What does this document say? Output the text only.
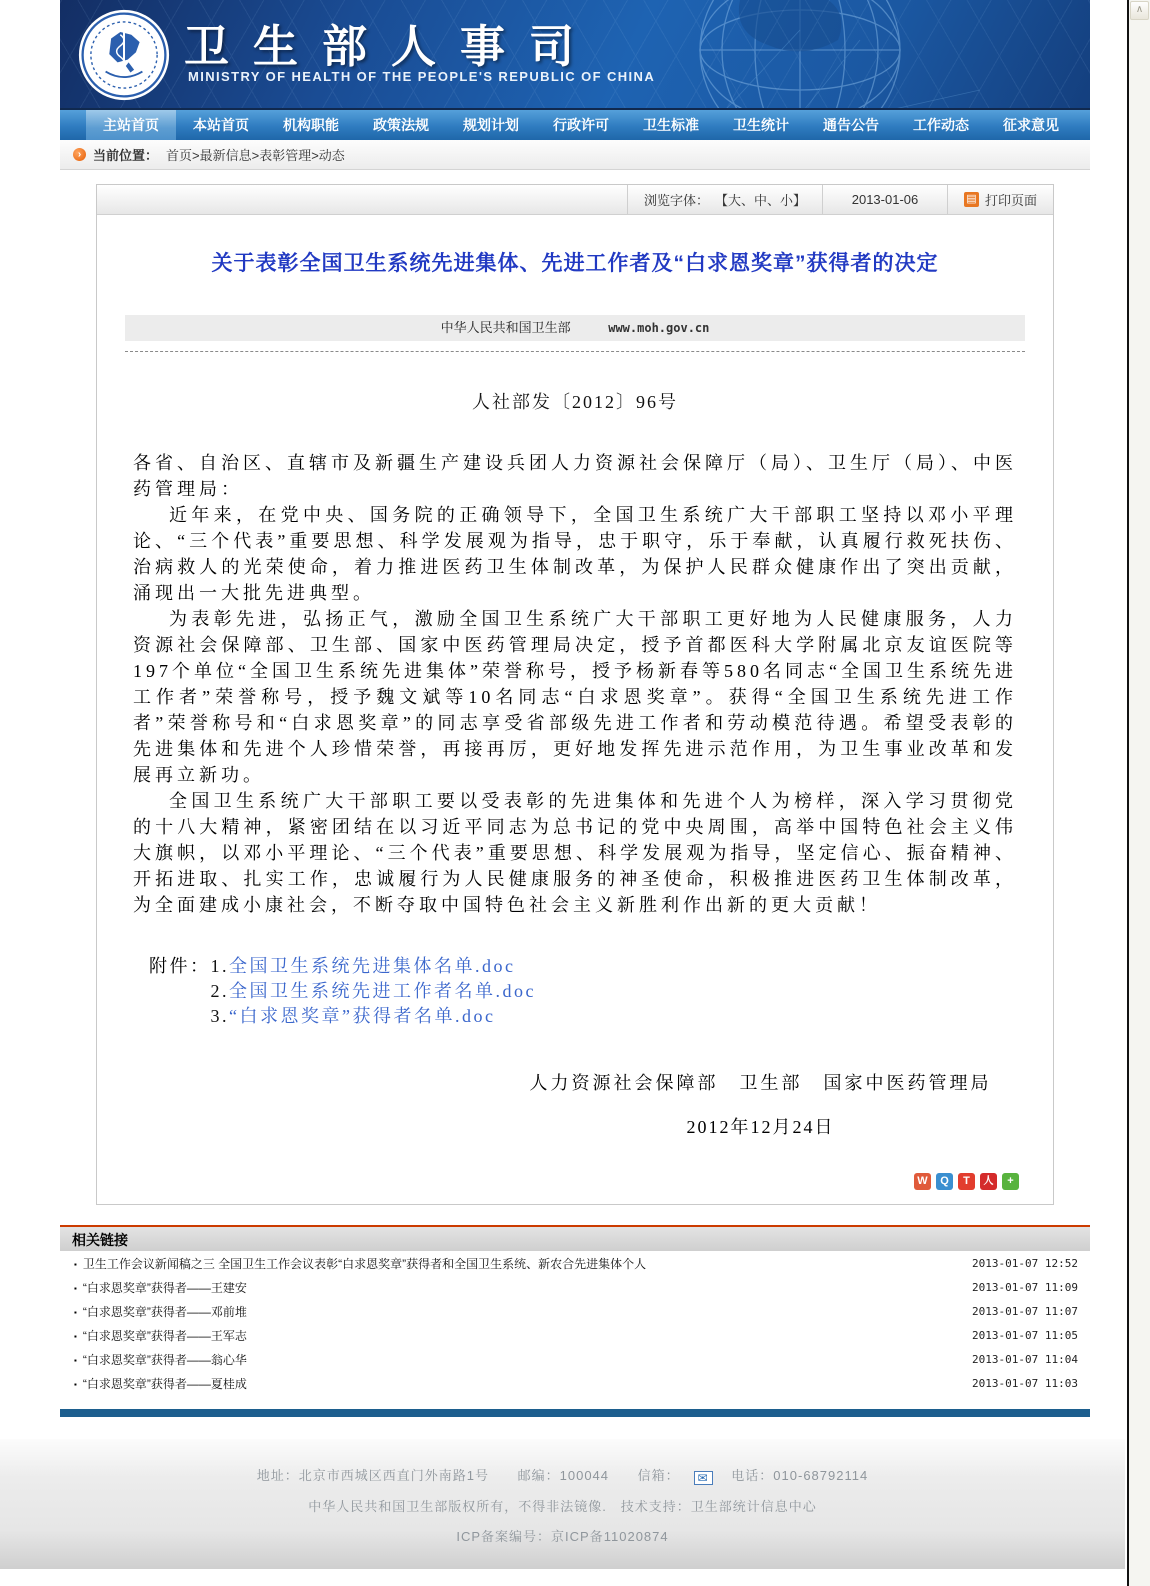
卫生部人事司
MINISTRY OF HEALTH OF THE PEOPLE'S REPUBLIC OF CHINA
主站首页	本站首页	机构职能	政策法规	规划计划	行政许可	卫生标准	卫生统计	通告公告	工作动态	征求意见
›
当前位置： 首页>最新信息>表彰管理>动态
浏览字体： 【大、中、小】	2013-01-06 ▤	打印页面
关于表彰全国卫生系统先进集体、先进工作者及“白求恩奖章”获得者的决定
中华人民共和国卫生部	www.moh.gov.cn
人社部发〔2012〕96号

各省、自治区、直辖市及新疆生产建设兵团人力资源社会保障厅（局）、卫生厅（局）、中医药管理局：

近年来，在党中央、国务院的正确领导下，全国卫生系统广大干部职工坚持以邓小平理论、“三个代表”重要思想、科学发展观为指导，忠于职守，乐于奉献，认真履行救死扶伤、治病救人的光荣使命，着力推进医药卫生体制改革，为保护人民群众健康作出了突出贡献，涌现出一大批先进典型。

为表彰先进，弘扬正气，激励全国卫生系统广大干部职工更好地为人民健康服务，人力资源社会保障部、卫生部、国家中医药管理局决定，授予首都医科大学附属北京友谊医院等197个单位“全国卫生系统先进集体”荣誉称号，授予杨新春等580名同志“全国卫生系统先进工作者”荣誉称号，授予魏文斌等10名同志“白求恩奖章”。获得“全国卫生系统先进工作者”荣誉称号和“白求恩奖章”的同志享受省部级先进工作者和劳动模范待遇。希望受表彰的先进集体和先进个人珍惜荣誉，再接再厉，更好地发挥先进示范作用，为卫生事业改革和发展再立新功。

全国卫生系统广大干部职工要以受表彰的先进集体和先进个人为榜样，深入学习贯彻党的十八大精神，紧密团结在以习近平同志为总书记的党中央周围，高举中国特色社会主义伟大旗帜，以邓小平理论、“三个代表”重要思想、科学发展观为指导，坚定信心、振奋精神、开拓进取、扎实工作，忠诚履行为人民健康服务的神圣使命，积极推进医药卫生体制改革，为全面建成小康社会，不断夺取中国特色社会主义新胜利作出新的更大贡献！

附件： 1. 全国卫生系统先进集体名单.doc
2. 全国卫生系统先进工作者名单.doc
3. “白求恩奖章”获得者名单.doc
人力资源社会保障部　卫生部　国家中医药管理局
2012年12月24日
W
Q
T
人
+
相关链接
▪ 卫生工作会议新闻稿之三 全国卫生工作会议表彰“白求恩奖章”获得者和全国卫生系统、新农合先进集体个人	2013-01-07 12:52
▪ “白求恩奖章”获得者——王建安	2013-01-07 11:09
▪ “白求恩奖章”获得者——邓前堆	2013-01-07 11:07
▪ “白求恩奖章”获得者——王军志	2013-01-07 11:05
▪ “白求恩奖章”获得者——翁心华	2013-01-07 11:04
▪ “白求恩奖章”获得者——夏桂成	2013-01-07 11:03
地址：北京市西城区西直门外南路1号 邮编：100044 信箱： ✉	电话：010-68792114
中华人民共和国卫生部版权所有，不得非法镜像.　技术支持：卫生部统计信息中心
ICP备案编号：京ICP备11020874
∧
